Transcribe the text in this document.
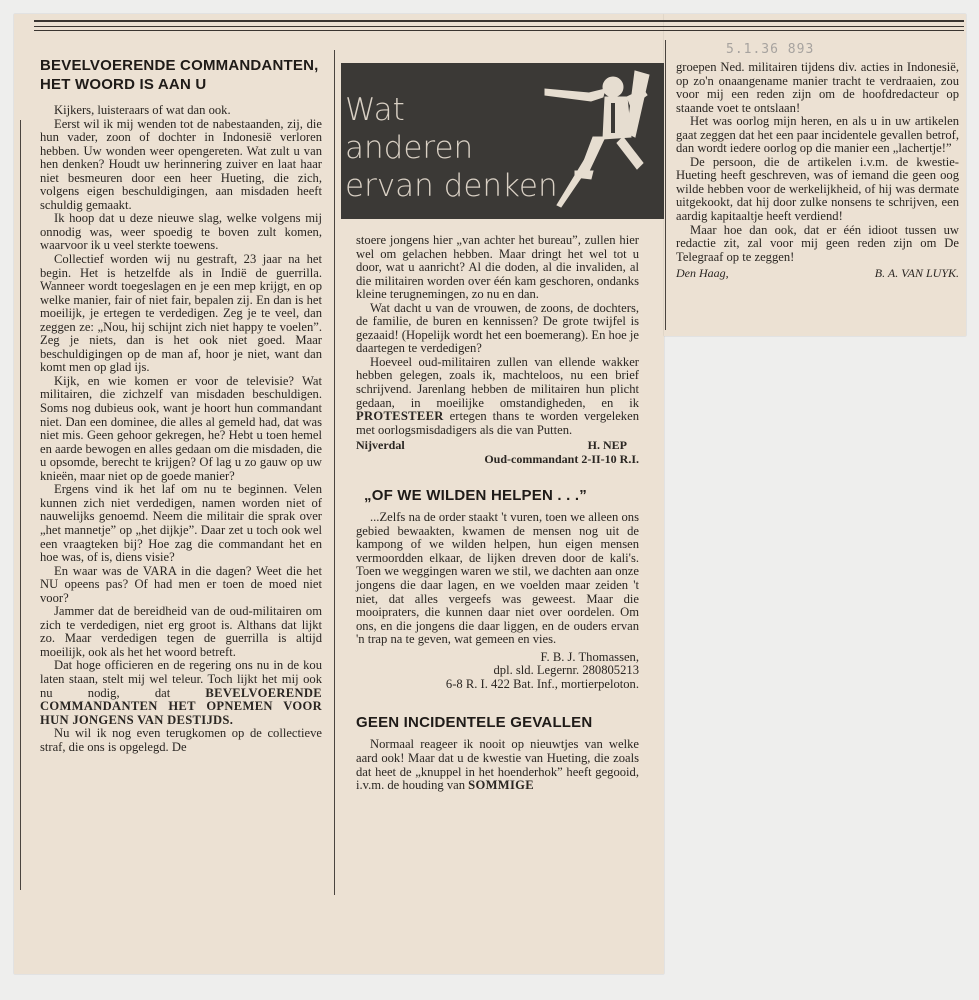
5.1.36 893
BEVELVOERENDE COMMANDANTEN,
HET WOORD IS AAN U

Kijkers, luisteraars of wat dan ook.

Eerst wil ik mij wenden tot de nabestaanden, zij, die hun vader, zoon of dochter in Indonesië verloren hebben. Uw wonden weer opengereten. Wat zult u van hen denken? Houdt uw herinnering zuiver en laat haar niet besmeuren door een heer Hueting, die zich, volgens eigen beschuldigingen, aan misdaden heeft schuldig gemaakt.

Ik hoop dat u deze nieuwe slag, welke volgens mij onnodig was, weer spoedig te boven zult komen, waarvoor ik u veel sterkte toewens.

Collectief worden wij nu gestraft, 23 jaar na het begin. Het is hetzelfde als in Indië de guerrilla. Wanneer wordt toegeslagen en je een mep krijgt, en op welke manier, fair of niet fair, bepalen zij. En dan is het moeilijk, je ertegen te verdedigen. Zeg je te veel, dan zeggen ze: „Nou, hij schijnt zich niet happy te voelen”. Zeg je niets, dan is het ook niet goed. Maar beschuldigingen op de man af, hoor je niet, want dan komt men op glad ijs.

Kijk, en wie komen er voor de televisie? Wat militairen, die zichzelf van misdaden beschuldigen. Soms nog dubieus ook, want je hoort hun commandant niet. Dan een dominee, die alles al gemeld had, dat was niet mis. Geen gehoor gekregen, he? Hebt u toen hemel en aarde bewogen en alles gedaan om die misdaden, die u opsomde, berecht te krijgen? Of lag u zo gauw op uw knieën, maar niet op de goede manier?

Ergens vind ik het laf om nu te beginnen. Velen kunnen zich niet verdedigen, namen worden niet of nauwelijks genoemd. Neem die militair die sprak over „het mannetje” op „het dijkje”. Daar zet u toch ook wel een vraagteken bij? Hoe zag die commandant het en hoe was, of is, diens visie?

En waar was de VARA in die dagen? Weet die het NU opeens pas? Of had men er toen de moed niet voor?

Jammer dat de bereidheid van de oud-militairen om zich te verdedigen, niet erg groot is. Althans dat lijkt zo. Maar verdedigen tegen de guerrilla is altijd moeilijk, ook als het het woord betreft.

Dat hoge officieren en de regering ons nu in de kou laten staan, stelt mij wel teleur. Toch lijkt het mij ook nu nodig, dat	BEVELVOERENDE COMMANDANTEN HET OPNEMEN VOOR HUN JONGENS VAN DESTIJDS.

Nu wil ik nog even terugkomen op de collectieve straf, die ons is opgelegd. De

Wat
anderen
ervan denken

stoere jongens hier „van achter het bureau”, zullen hier wel om gelachen hebben. Maar dringt het wel tot u door, wat u aanricht? Al die doden, al die invaliden, al die militairen worden over één kam geschoren, ondanks kleine terugnemingen, zo nu en dan.

Wat dacht u van de vrouwen, de zoons, de dochters, de familie, de buren en kennissen? De grote twijfel is gezaaid! (Hopelijk wordt het een boemerang). En hoe je daartegen te verdedigen?

Hoeveel oud-militairen zullen van ellende wakker hebben gelegen, zoals ik, machteloos, nu een brief schrijvend. Jarenlang hebben de militairen hun plicht gedaan, in moeilijke omstandigheden, en ik PROTESTEER ertegen thans te worden vergeleken met oorlogsmisdadigers als die van Putten.

Nijverdal	H. NEP
Oud-commandant 2-II-10 R.I.
„OF WE WILDEN HELPEN . . .”

...Zelfs na de order staakt 't vuren, toen we alleen ons gebied bewaakten, kwamen de mensen nog uit de kampong of we wilden helpen, hun eigen mensen vermoordden elkaar, de lijken dreven door de kali's. Toen we weggingen waren we stil, we dachten aan onze jongens die daar lagen, en we voelden maar zeiden 't niet, dat alles vergeefs was geweest. Maar die mooipraters, die kunnen daar niet over oordelen. Om ons, en die jongens die daar liggen, en de ouders ervan 'n trap na te geven, wat gemeen en vies.

F. B. J. Thomassen,
dpl. sld. Legernr. 280805213
6-8 R. I. 422 Bat. Inf., mortierpeloton.
GEEN INCIDENTELE GEVALLEN

Normaal reageer ik nooit op nieuwtjes van welke aard ook! Maar dat u de kwestie van Hueting, die zoals dat heet de „knuppel in het hoenderhok” heeft gegooid, i.v.m. de houding van SOMMIGE

groepen Ned. militairen tijdens div. acties in Indonesië, op zo'n onaangename manier tracht te verdraaien, zou voor mij een reden zijn om de hoofdredacteur op staande voet te ontslaan!

Het was oorlog mijn heren, en als u in uw artikelen gaat zeggen dat het een paar incidentele gevallen betrof, dan wordt iedere oorlog op die manier een „lachertje!”

De persoon, die de artikelen i.v.m. de kwestie-Hueting heeft geschreven, was of iemand die geen oog wilde hebben voor de werkelijkheid, of hij was dermate uitgekookt, dat hij door zulke nonsens te schrijven, een aardig kapitaaltje heeft verdiend!

Maar hoe dan ook, dat er één idioot tussen uw redactie zit, zal voor mij geen reden zijn om De Telegraaf op te zeggen!

Den Haag,	B. A. VAN LUYK.
